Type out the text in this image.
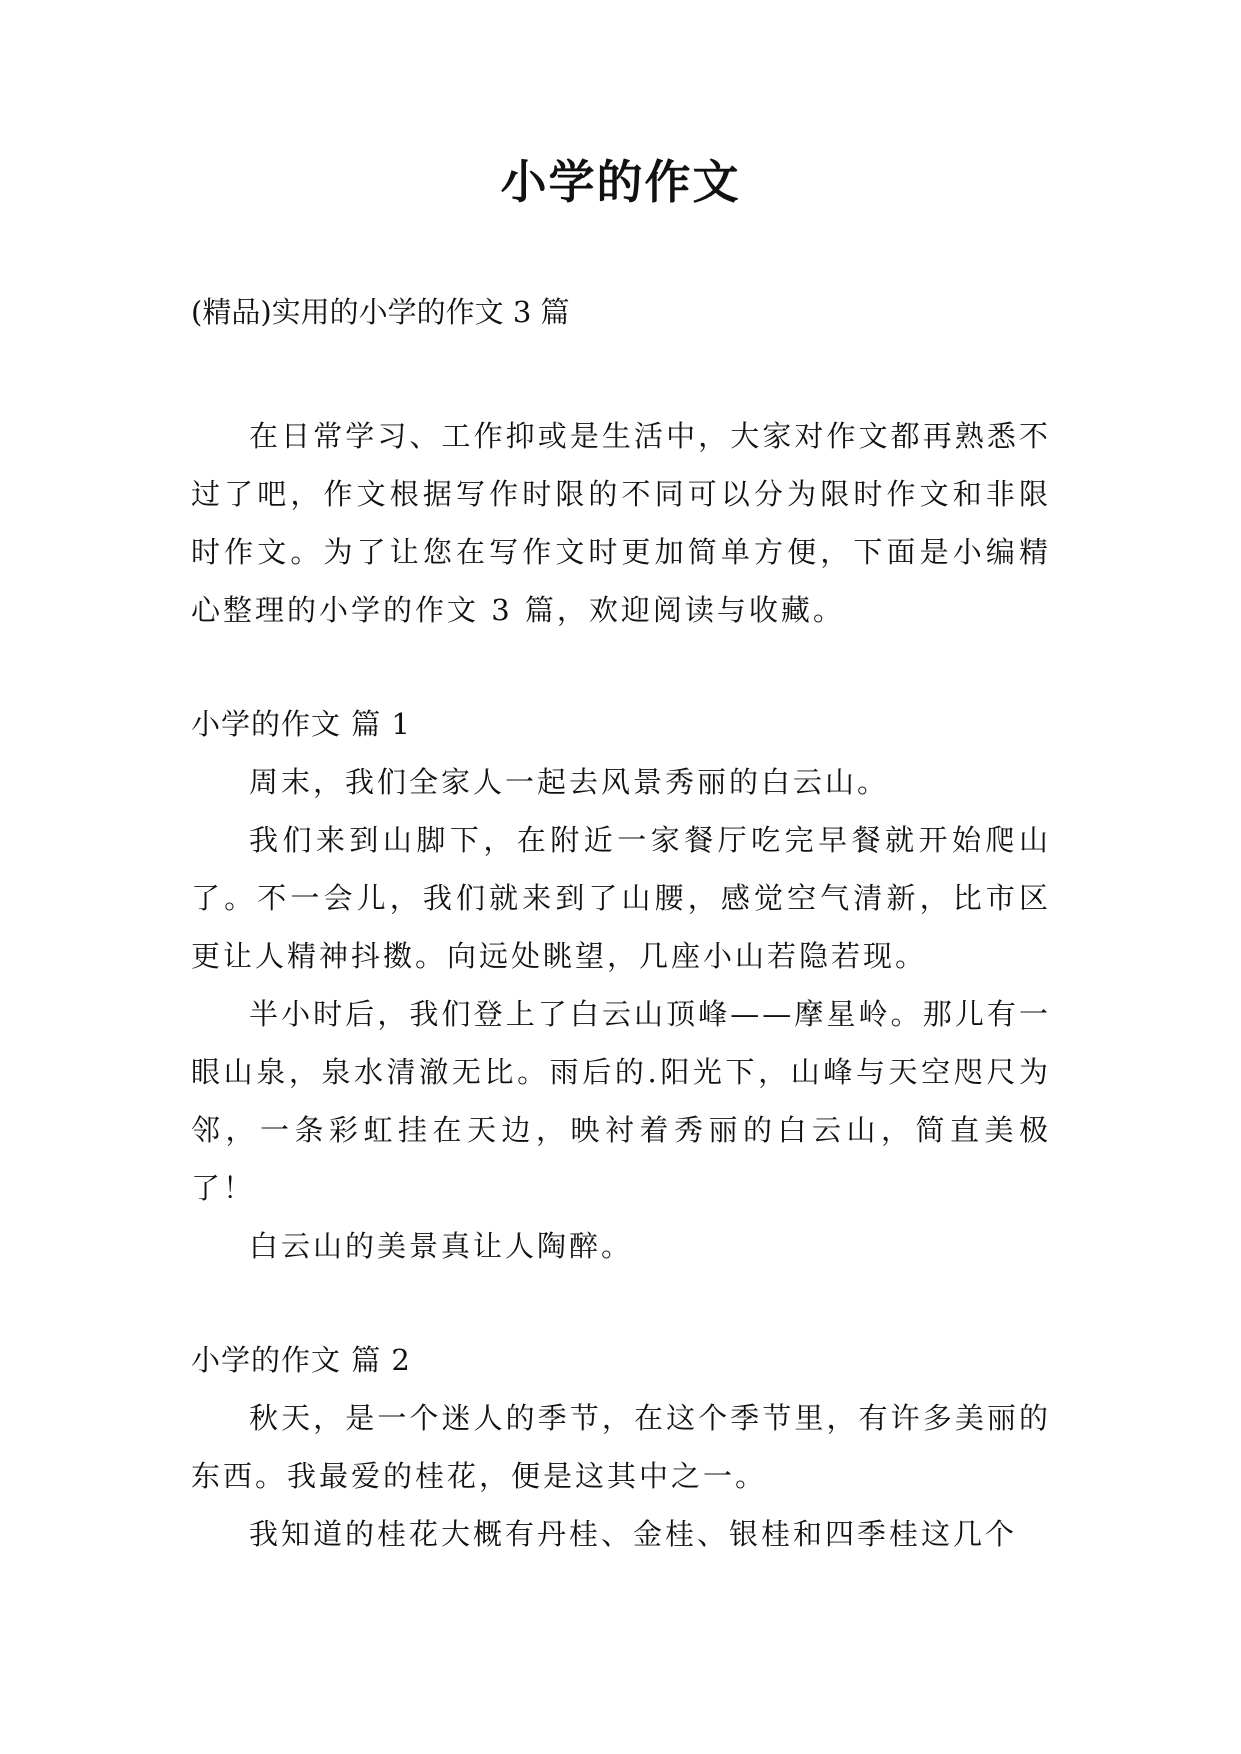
小学的作文

(精品)实用的小学的作文 3 篇

在日常学习、工作抑或是生活中，大家对作文都再熟悉不过了吧，作文根据写作时限的不同可以分为限时作文和非限时作文。为了让您在写作文时更加简单方便，下面是小编精心整理的小学的作文 3 篇，欢迎阅读与收藏。

小学的作文 篇 1

周末，我们全家人一起去风景秀丽的白云山。

我们来到山脚下，在附近一家餐厅吃完早餐就开始爬山了。不一会儿，我们就来到了山腰，感觉空气清新，比市区更让人精神抖擞。向远处眺望，几座小山若隐若现。

半小时后，我们登上了白云山顶峰——摩星岭。那儿有一眼山泉，泉水清澈无比。雨后的.阳光下，山峰与天空咫尺为邻，一条彩虹挂在天边，映衬着秀丽的白云山，简直美极了！

白云山的美景真让人陶醉。

小学的作文 篇 2

秋天，是一个迷人的季节，在这个季节里，有许多美丽的东西。我最爱的桂花，便是这其中之一。

我知道的桂花大概有丹桂、金桂、银桂和四季桂这几个
